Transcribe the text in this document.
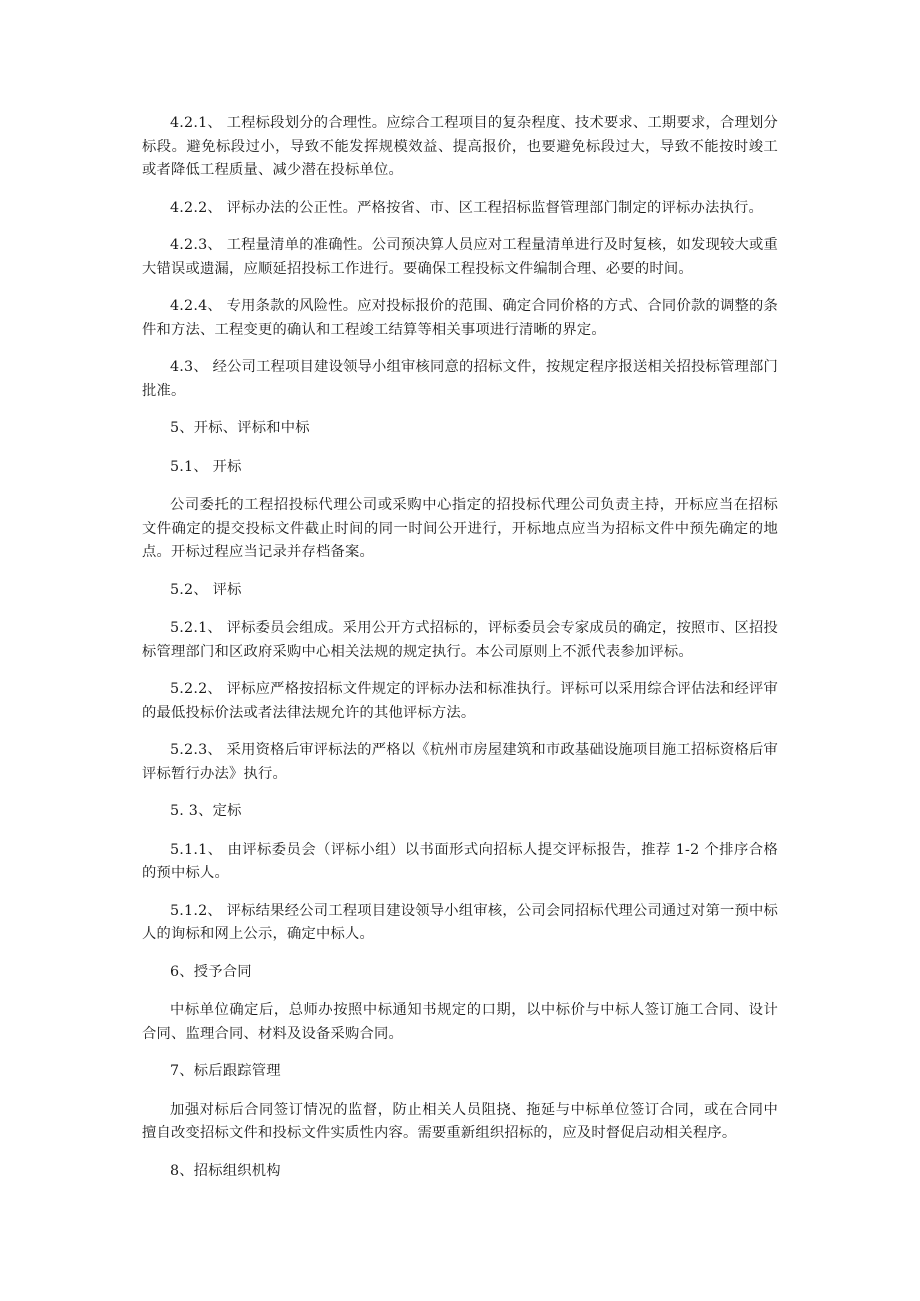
4.2.1、 工程标段划分的合理性。应综合工程项目的复杂程度、技术要求、工期要求，合理划分标段。避免标段过小，导致不能发挥规模效益、提高报价，也要避免标段过大，导致不能按时竣工或者降低工程质量、减少潜在投标单位。

4.2.2、 评标办法的公正性。严格按省、市、区工程招标监督管理部门制定的评标办法执行。

4.2.3、 工程量清单的准确性。公司预决算人员应对工程量清单进行及时复核，如发现较大或重大错误或遗漏，应顺延招投标工作进行。要确保工程投标文件编制合理、必要的时间。

4.2.4、 专用条款的风险性。应对投标报价的范围、确定合同价格的方式、合同价款的调整的条件和方法、工程变更的确认和工程竣工结算等相关事项进行清晰的界定。

4.3、 经公司工程项目建设领导小组审核同意的招标文件，按规定程序报送相关招投标管理部门批准。

5、开标、评标和中标

5.1、 开标

公司委托的工程招投标代理公司或采购中心指定的招投标代理公司负责主持，开标应当在招标文件确定的提交投标文件截止时间的同一时间公开进行，开标地点应当为招标文件中预先确定的地点。开标过程应当记录并存档备案。

5.2、 评标

5.2.1、 评标委员会组成。采用公开方式招标的，评标委员会专家成员的确定，按照市、区招投标管理部门和区政府采购中心相关法规的规定执行。本公司原则上不派代表参加评标。

5.2.2、 评标应严格按招标文件规定的评标办法和标准执行。评标可以采用综合评估法和经评审的最低投标价法或者法律法规允许的其他评标方法。

5.2.3、 采用资格后审评标法的严格以《杭州市房屋建筑和市政基础设施项目施工招标资格后审评标暂行办法》执行。

5. 3、定标

5.1.1、 由评标委员会（评标小组）以书面形式向招标人提交评标报告，推荐 1-2 个排序合格的预中标人。

5.1.2、 评标结果经公司工程项目建设领导小组审核，公司会同招标代理公司通过对第一预中标人的询标和网上公示，确定中标人。

6、授予合同

中标单位确定后，总师办按照中标通知书规定的口期，以中标价与中标人签订施工合同、设计合同、监理合同、材料及设备采购合同。

7、标后跟踪管理

加强对标后合同签订情况的监督，防止相关人员阻挠、拖延与中标单位签订合同，或在合同中擅自改变招标文件和投标文件实质性内容。需要重新组织招标的，应及时督促启动相关程序。

8、招标组织机构
